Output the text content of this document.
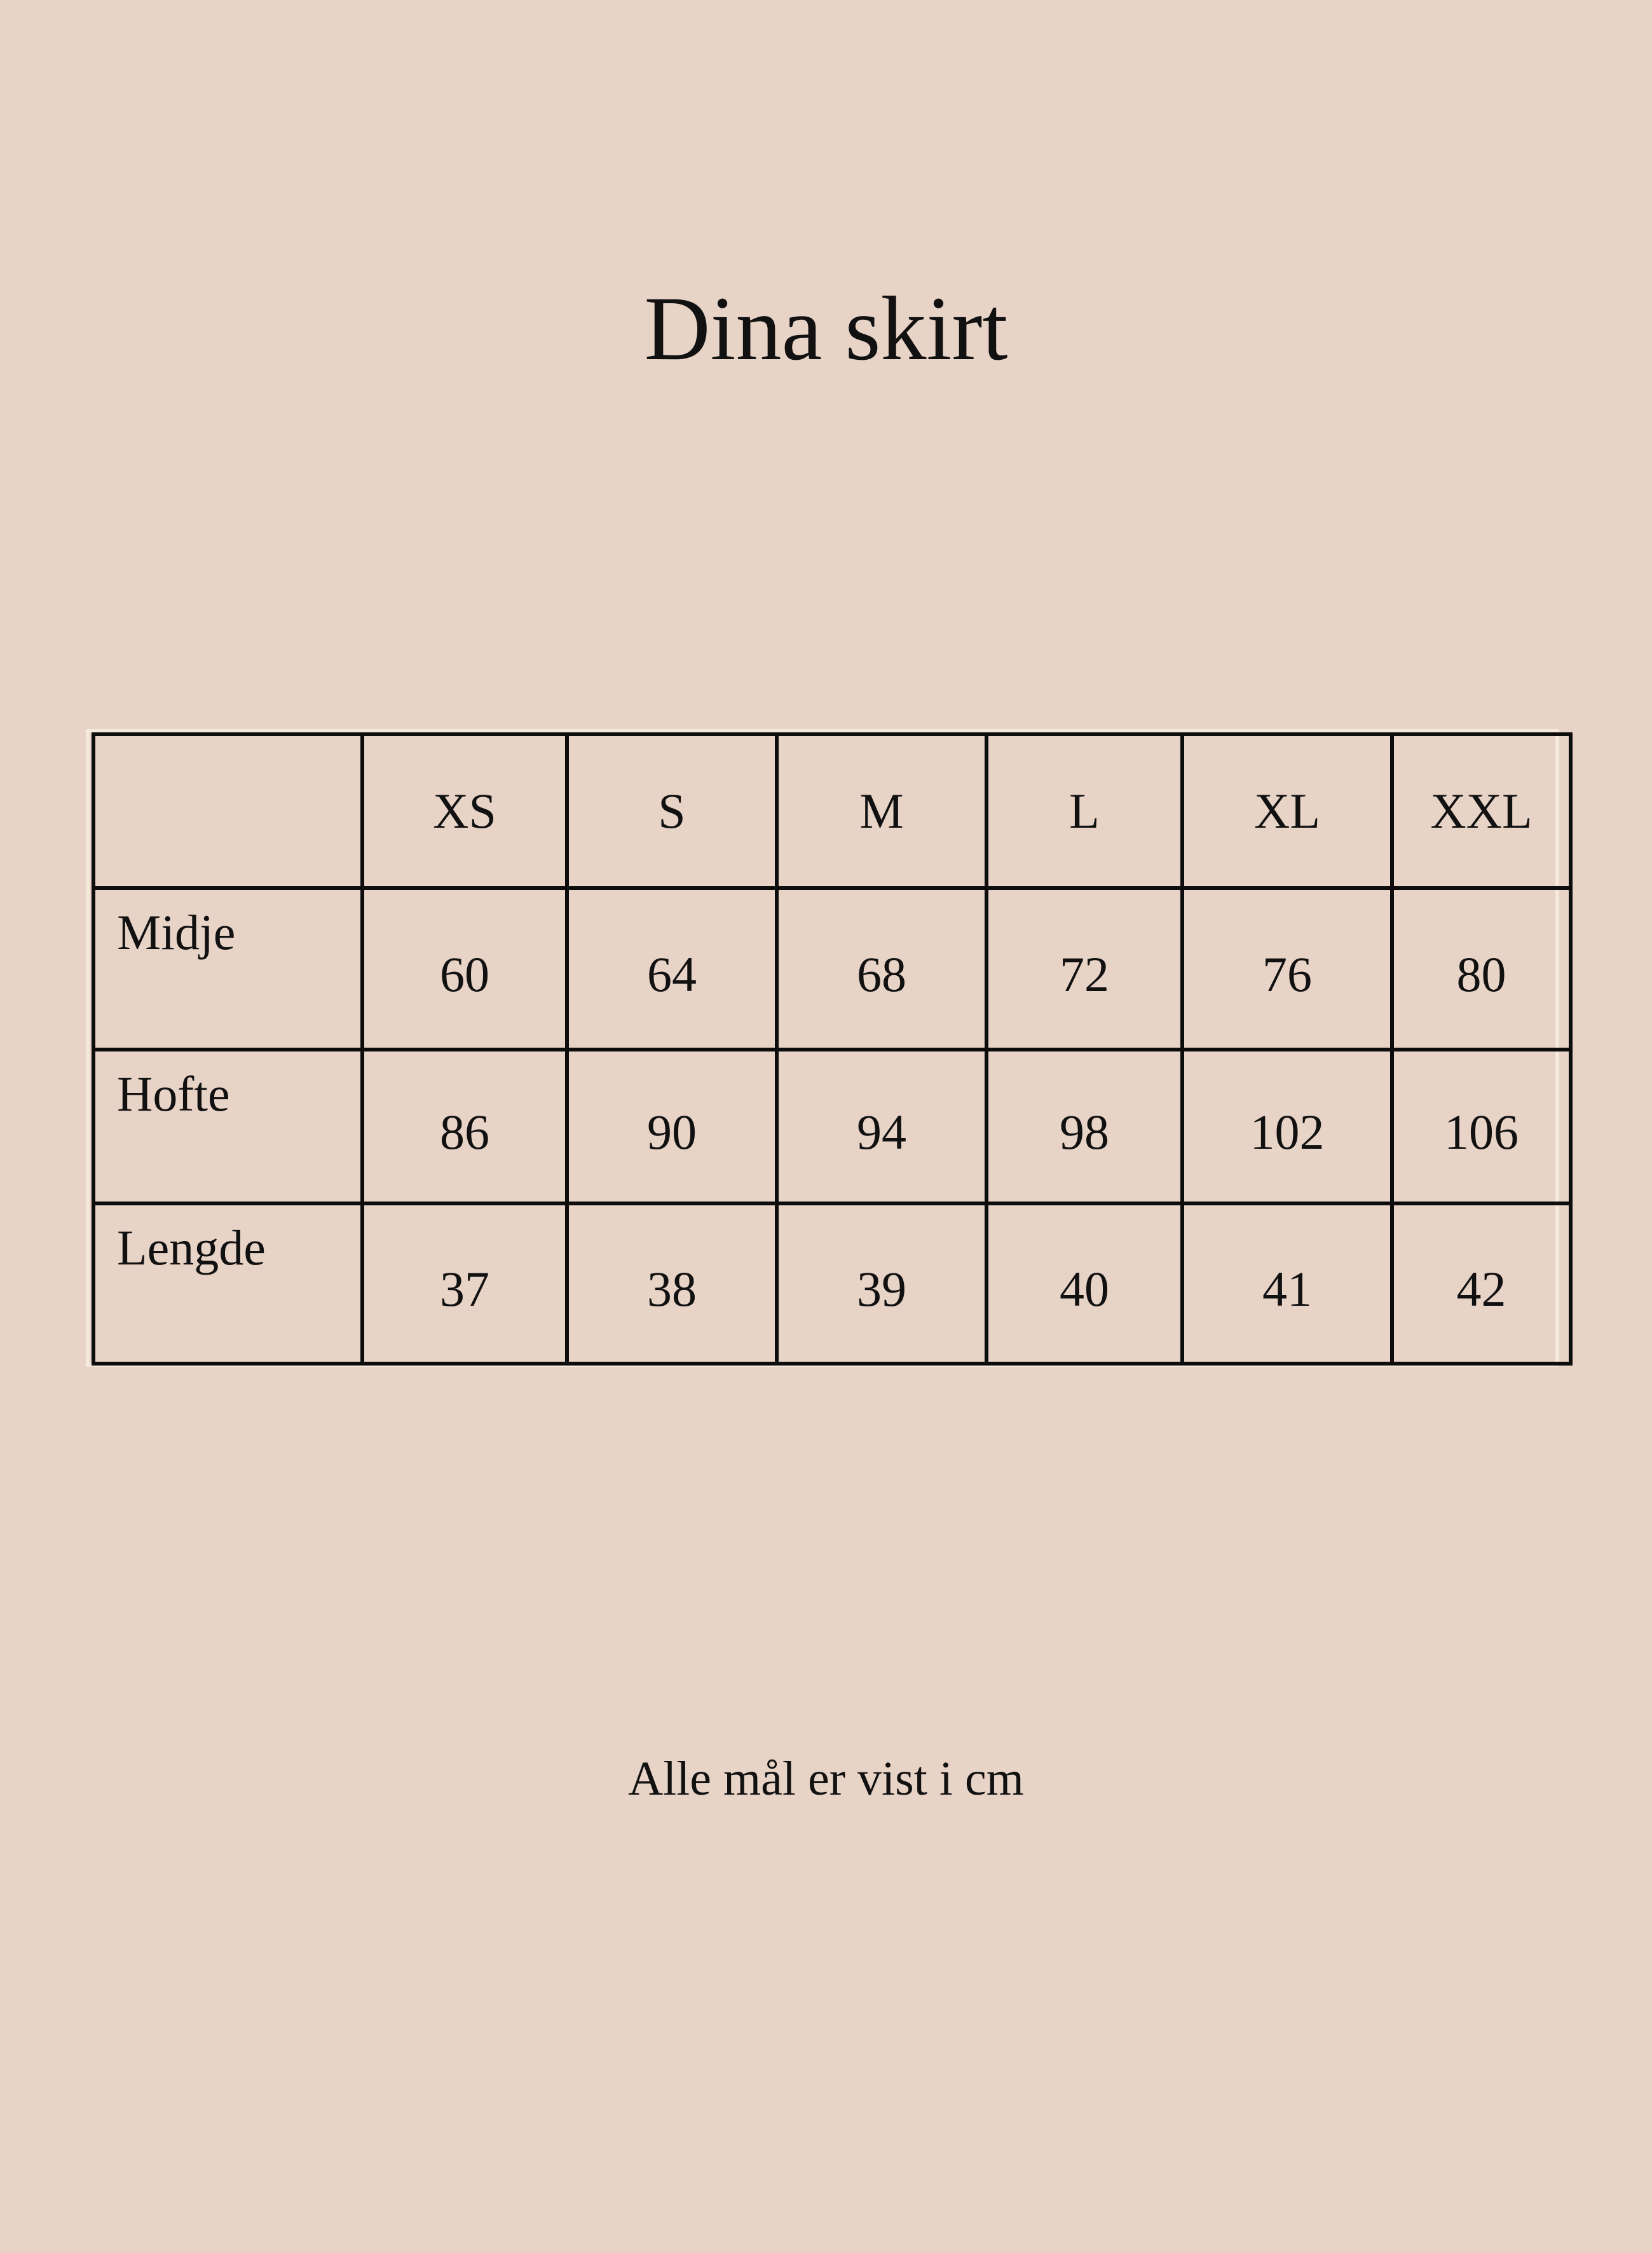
Dina skirt
	XS	S	M	L	XL	XXL
Midje	60	64	68	72	76	80
Hofte	86	90	94	98	102	106
Lengde	37	38	39	40	41	42

Alle mål er vist i cm
